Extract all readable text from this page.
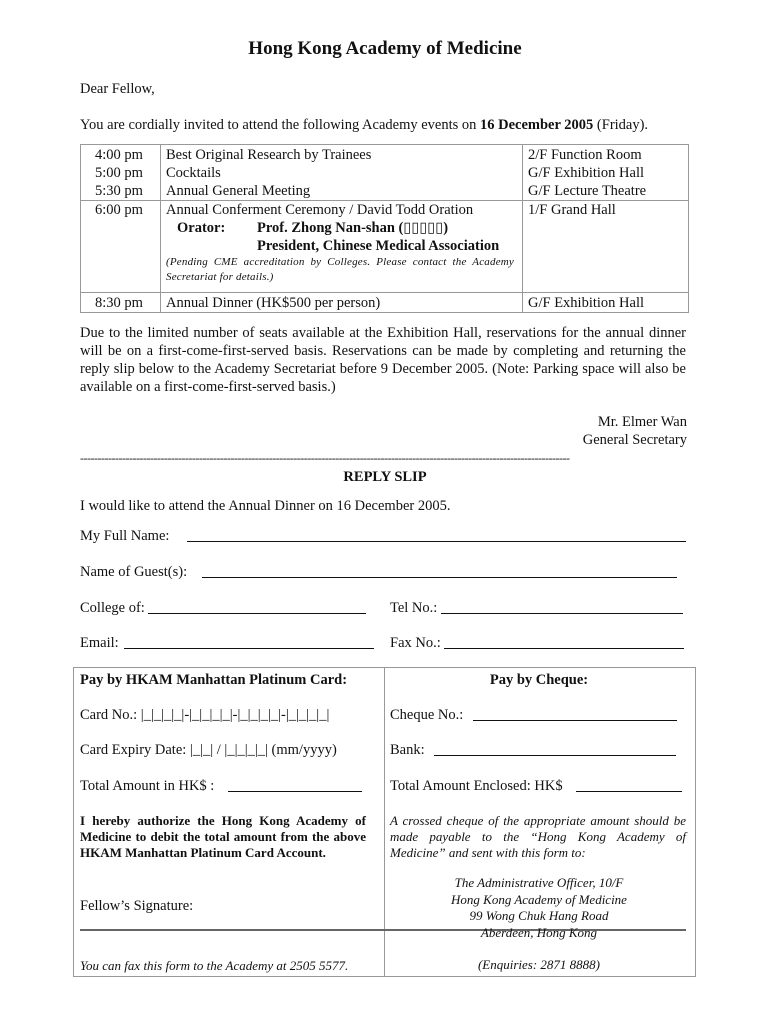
Hong Kong Academy of Medicine
Dear Fellow,
You are cordially invited to attend the following Academy events on 16 December 2005 (Friday).
4:00 pm Best Original Research by Trainees	2/F Function Room
5:00 pm Cocktails	G/F Exhibition Hall
5:30 pm Annual General Meeting	G/F Lecture Theatre
6:00 pm Annual Conferment Ceremony / David Todd Oration	1/F Grand Hall
Orator: Prof. Zhong Nan-shan (▯▯▯▯▯)
President, Chinese Medical Association
(Pending CME accreditation by Colleges. Please contact the Academy Secretariat for details.)
8:30 pm Annual Dinner (HK$500 per person)	G/F Exhibition Hall
Due to the limited number of seats available at the Exhibition Hall, reservations for the annual dinner will be on a first-come-first-served basis. Reservations can be made by completing and returning the reply slip below to the Academy Secretariat before 9 December 2005. (Note: Parking space will also be available on a first-come-first-served basis.)
Mr. Elmer Wan
General Secretary
--------------------------------------------------------------------------------------------------------------------------------------------
REPLY SLIP
I would like to attend the Annual Dinner on 16 December 2005.
My Full Name:
Name of Guest(s):
College of:	Tel No.:
Email:	Fax No.:
Pay by HKAM Manhattan Platinum Card:
Card No.: |_|_|_|_|-|_|_|_|_|-|_|_|_|_|-|_|_|_|_|
Card Expiry Date: |_|_| / |_|_|_|_| (mm/yyyy)
Total Amount in HK$ :
I hereby authorize the Hong Kong Academy of Medicine to debit the total amount from the above HKAM Manhattan Platinum Card Account.
Fellow’s Signature:
You can fax this form to the Academy at 2505 5577.
Pay by Cheque:
Cheque No.:
Bank:
Total Amount Enclosed: HK$
A crossed cheque of the appropriate amount should be made payable to the “Hong Kong Academy of Medicine” and sent with this form to:
The Administrative Officer, 10/F
Hong Kong Academy of Medicine
99 Wong Chuk Hang Road
Aberdeen, Hong Kong
(Enquiries: 2871 8888)
